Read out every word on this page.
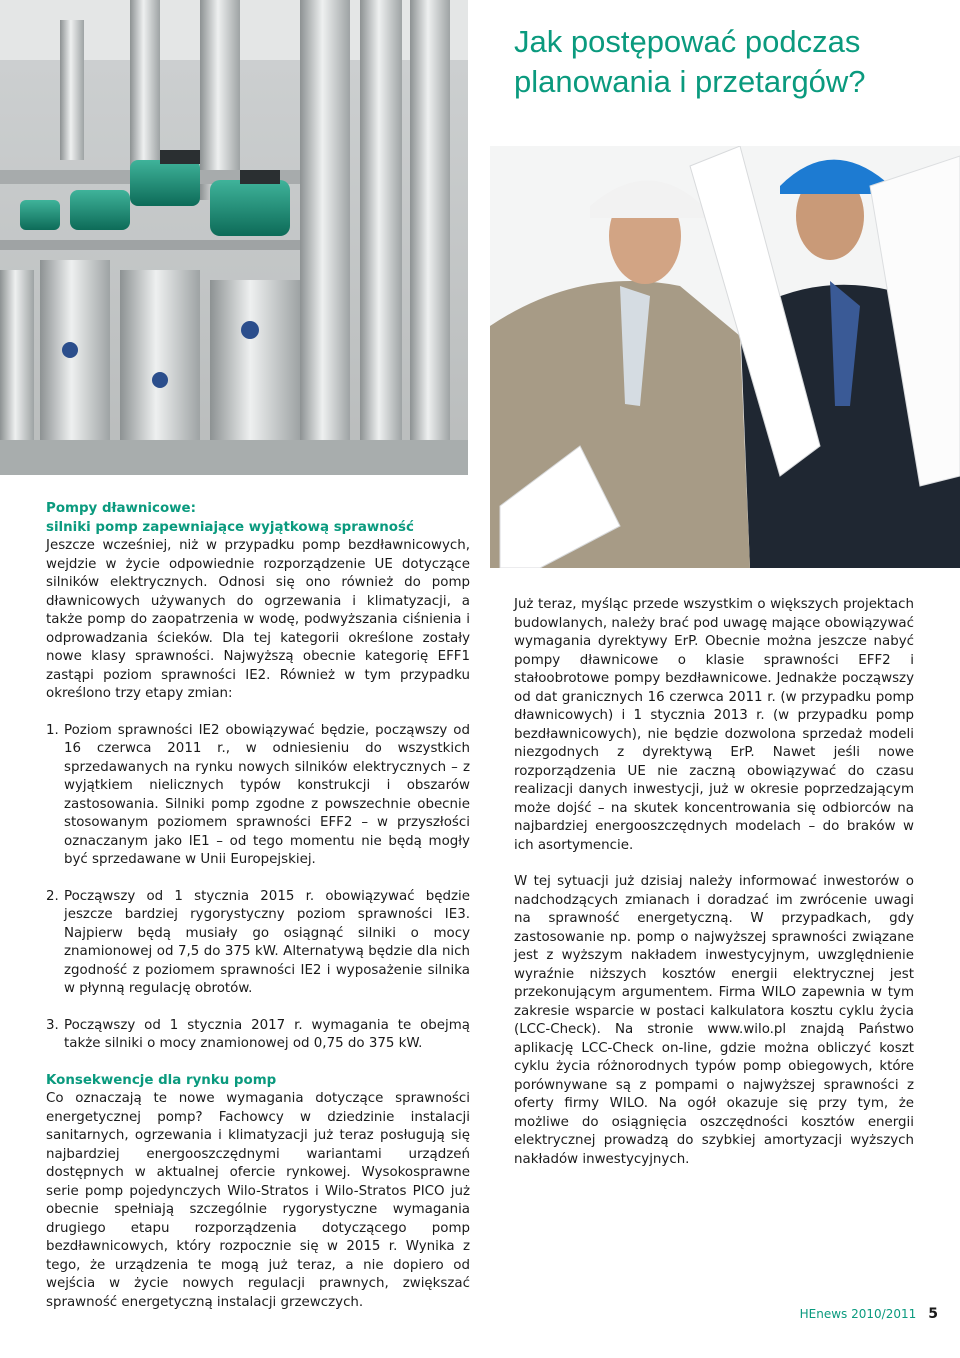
Jak postępować podczas planowania i przetargów?

Pompy dławnicowe:

silniki pomp zapewniające wyjątkową sprawność

Jeszcze wcześniej, niż w przypadku pomp bezdławnicowych, wejdzie w życie odpowiednie rozporządzenie UE dotyczące silników elektrycznych. Odnosi się ono również do pomp dławnicowych używanych do ogrzewania i klimatyzacji, a także pomp do zaopatrzenia w wodę, podwyższania ciśnienia i odprowadzania ścieków. Dla tej kategorii określone zostały nowe klasy sprawności. Najwyższą obecnie kategorię EFF1 zastąpi poziom sprawności IE2. Również w tym przypadku określono trzy etapy zmian:

1. Poziom sprawności IE2 obowiązywać będzie, począwszy od 16 czerwca 2011 r., w odniesieniu do wszystkich sprzedawanych na rynku nowych silników elektrycznych – z wyjątkiem nielicznych typów konstrukcji i obszarów zastosowania. Silniki pomp zgodne z powszechnie obecnie stosowanym poziomem sprawności EFF2 – w przyszłości oznaczanym jako IE1 – od tego momentu nie będą mogły być sprzedawane w Unii Europejskiej.
2. Począwszy od 1 stycznia 2015 r. obowiązywać będzie jeszcze bardziej rygorystyczny poziom sprawności IE3. Najpierw będą musiały go osiągnąć silniki o mocy znamionowej od 7,5 do 375 kW. Alternatywą będzie dla nich zgodność z poziomem sprawności IE2 i wyposażenie silnika w płynną regulację obrotów.
3. Począwszy od 1 stycznia 2017 r. wymagania te obejmą także silniki o mocy znamionowej od 0,75 do 375 kW.

Konsekwencje dla rynku pomp

Co oznaczają te nowe wymagania dotyczące sprawności energetycznej pomp? Fachowcy w dziedzinie instalacji sanitarnych, ogrzewania i klimatyzacji już teraz posługują się najbardziej energooszczędnymi wariantami urządzeń dostępnych w aktualnej ofercie rynkowej. Wysokosprawne serie pomp pojedynczych Wilo-Stratos i Wilo-Stratos PICO już obecnie spełniają szczególnie rygorystyczne wymagania drugiego etapu rozporządzenia dotyczącego pomp bezdławnicowych, który rozpocznie się w 2015 r. Wynika z tego, że urządzenia te mogą już teraz, a nie dopiero od wejścia w życie nowych regulacji prawnych, zwiększać sprawność energetyczną instalacji grzewczych.

Już teraz, myśląc przede wszystkim o większych projektach budowlanych, należy brać pod uwagę mające obowiązywać wymagania dyrektywy ErP. Obecnie można jeszcze nabyć pompy dławnicowe o klasie sprawności EFF2 i stałoobrotowe pompy bezdławnicowe. Jednakże począwszy od dat granicznych 16 czerwca 2011 r. (w przypadku pomp dławnicowych) i 1 stycznia 2013 r. (w przypadku pomp bezdławnicowych), nie będzie dozwolona sprzedaż modeli niezgodnych z dyrektywą ErP. Nawet jeśli nowe rozporządzenia UE nie zaczną obowiązywać do czasu realizacji danych inwestycji, już w okresie poprzedzającym może dojść – na skutek koncentrowania się odbiorców na najbardziej energooszczędnych modelach – do braków w ich asortymencie.

W tej sytuacji już dzisiaj należy informować inwestorów o nadchodzących zmianach i doradzać im zwrócenie uwagi na sprawność energetyczną. W przypadkach, gdy zastosowanie np. pomp o najwyższej sprawności związane jest z wyższym nakładem inwestycyjnym, uwzględnienie wyraźnie niższych kosztów energii elektrycznej jest przekonującym argumentem. Firma WILO zapewnia w tym zakresie wsparcie w postaci kalkulatora kosztu cyklu życia (LCC-Check). Na stronie www.wilo.pl znajdą Państwo aplikację LCC-Check on-line, gdzie można obliczyć koszt cyklu życia różnorodnych typów pomp obiegowych, które porównywane są z pompami o najwyższej sprawności z oferty firmy WILO. Na ogół okazuje się przy tym, że możliwe do osiągnięcia oszczędności kosztów energii elektrycznej prowadzą do szybkiej amortyzacji wyższych nakładów inwestycyjnych.

HEnews 2010/2011 5
